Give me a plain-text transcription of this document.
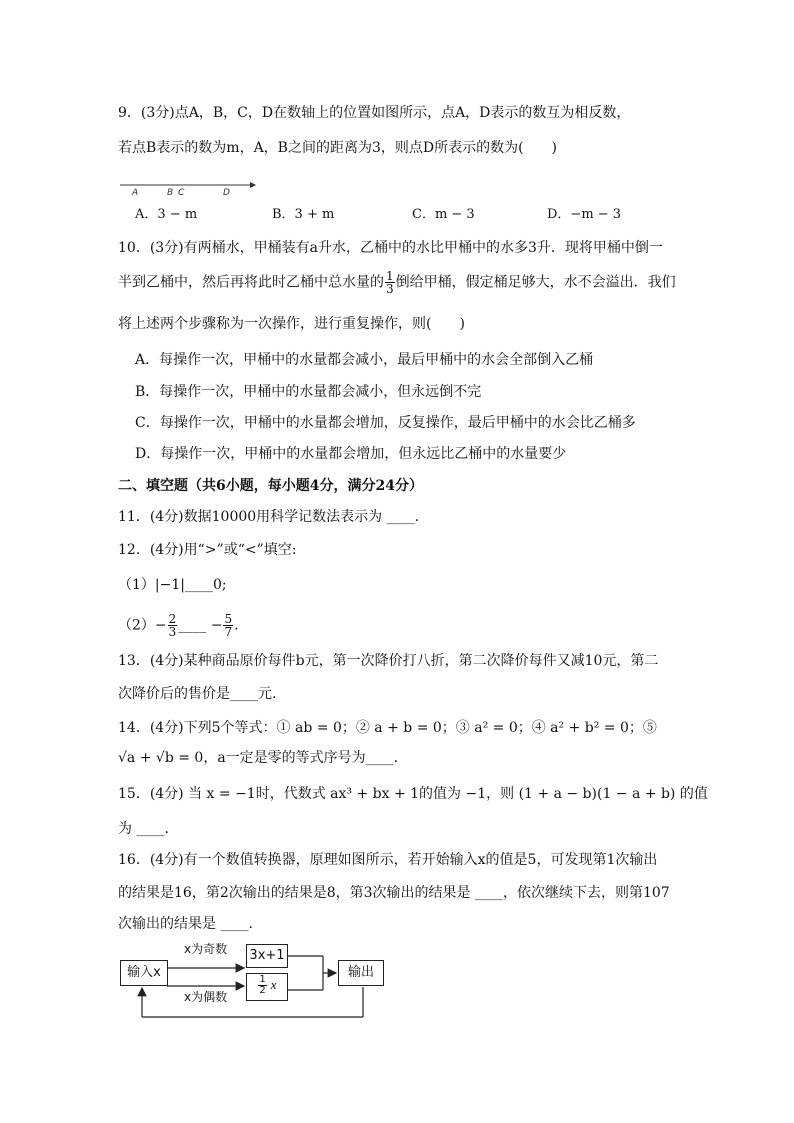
9．(3分)点A，B，C，D在数轴上的位置如图所示，点A，D表示的数互为相反数，
若点B表示的数为m，A，B之间的距离为3，则点D所表示的数为(　　)
A	B C	D
A．3 − m	B．3 + m	C．m − 3	D．−m − 3
10．(3分)有两桶水，甲桶装有a升水，乙桶中的水比甲桶中的水多3升．现将甲桶中倒一
半到乙桶中，然后再将此时乙桶中总水量的 $\frac{1}{3}$ 倒给甲桶，假定桶足够大，水不会溢出．我们
将上述两个步骤称为一次操作，进行重复操作，则(　　)
A．每操作一次，甲桶中的水量都会减小，最后甲桶中的水会全部倒入乙桶
B．每操作一次，甲桶中的水量都会减小，但永远倒不完
C．每操作一次，甲桶中的水量都会增加，反复操作，最后甲桶中的水会比乙桶多
D．每操作一次，甲桶中的水量都会增加，但永远比乙桶中的水量要少
二、填空题（共6小题，每小题4分，满分24分）
11．(4分)数据10000用科学记数法表示为 ____.
12．(4分)用“>”或“<”填空:
（1）|−1|____0;
$(2)- \frac{2}{3}$ ____ − $\frac{5}{7}$ .
13．(4分)某种商品原价每件b元，第一次降价打八折，第二次降价每件又减10元，第二
次降价后的售价是____元.
14．(4分)下列5个等式：① ab = 0；② a + b = 0；③ a² = 0；④ a² + b² = 0；⑤
√a + √b = 0，a一定是零的等式序号为____.
15．(4分) 当 x = −1时，代数式 ax³ + bx + 1的值为 −1，则 (1 + a − b)(1 − a + b) 的值
为 ____.
16．(4分)有一个数值转换器，原理如图所示，若开始输入x的值是5，可发现第1次输出
的结果是16，第2次输出的结果是8，第3次输出的结果是 ____，依次继续下去，则第107
次输出的结果是 ____.
输入x
x为奇数
x为偶数
3x+1
$\frac{1}{2}$ x
输出
